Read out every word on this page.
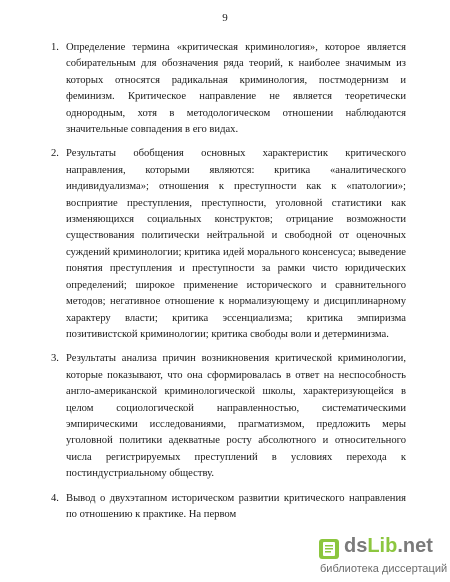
9
1. Определение термина «критическая криминология», которое является собирательным для обозначения ряда теорий, к наиболее значимым из которых относятся радикальная криминология, постмодернизм и феминизм. Критическое направление не является теоретически однородным, хотя в методологическом отношении наблюдаются значительные совпадения в его видах.

2. Результаты обобщения основных характеристик критического направления, которыми являются: критика «аналитического индивидуализма»; отношения к преступности как к «патологии»; восприятие преступления, преступности, уголовной статистики как изменяющихся социальных конструктов; отрицание возможности существования политически нейтральной и свободной от оценочных суждений криминологии; критика идей морального консенсуса; выведение понятия преступления и преступности за рамки чисто юридических определений; широкое применение исторического и сравнительного методов; негативное отношение к нормализующему и дисциплинарному характеру власти; критика эссенциализма; критика эмпиризма позитивистской криминологии; критика свободы воли и детерминизма.

3. Результаты анализа причин возникновения критической криминологии, которые показывают, что она сформировалась в ответ на неспособность англо-американской криминологической школы, характеризующейся в целом социологической направленностью, систематическими эмпирическими исследованиями, прагматизмом, предложить меры уголовной политики адекватные росту абсолютного и относительного числа регистрируемых преступлений в условиях перехода к постиндустриальному обществу.

4. Вывод о двухэтапном историческом развитии критического направления по отношению к практике. На первом

dsLib.net
библиотека диссертаций
